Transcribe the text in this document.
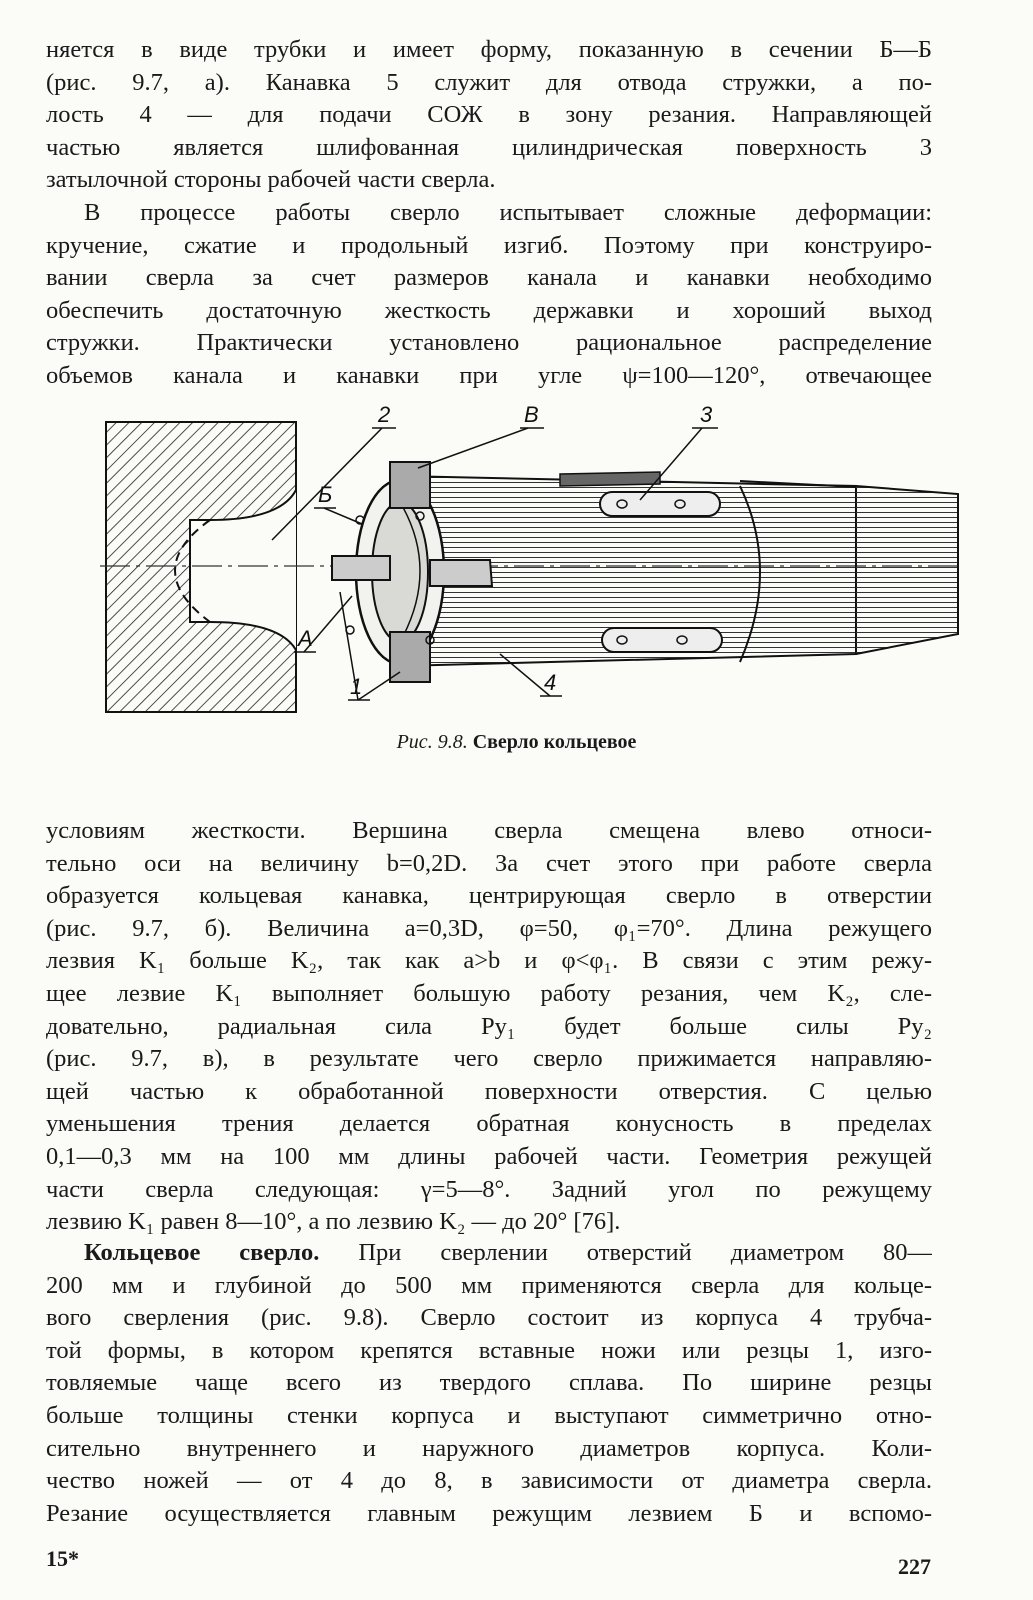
няется в виде трубки и имеет форму, показанную в сечении Б—Б
(рис. 9.7, а). Канавка 5 служит для отвода стружки, а по-
лость 4 — для подачи СОЖ в зону резания. Направляющей
частью является шлифованная цилиндрическая поверхность 3
затылочной стороны рабочей части сверла.
В процессе работы сверло испытывает сложные деформации:
кручение, сжатие и продольный изгиб. Поэтому при конструиро-
вании сверла за счет размеров канала и канавки необходимо
обеспечить достаточную жесткость державки и хороший выход
стружки. Практически установлено рациональное распределение
объемов канала и канавки при угле ψ=100—120°, отвечающее
2	В	3
Б
А
1	4
Рис. 9.8. Сверло кольцевое
условиям жесткости. Вершина сверла смещена влево относи-
тельно оси на величину b=0,2D. За счет этого при работе сверла
образуется кольцевая канавка, центрирующая сверло в отверстии
(рис. 9.7, б). Величина а=0,3D, φ=50, φ₁=70°. Длина режущего
лезвия K₁ больше K₂, так как a>b и φ<φ₁. В связи с этим режу-
щее лезвие K₁ выполняет большую работу резания, чем K₂, сле-
довательно, радиальная сила Pу₁ будет больше силы Pу₂
(рис. 9.7, в), в результате чего сверло прижимается направляю-
щей частью к обработанной поверхности отверстия. С целью
уменьшения трения делается обратная конусность в пределах
0,1—0,3 мм на 100 мм длины рабочей части. Геометрия режущей
части сверла следующая: γ=5—8°. Задний угол по режущему
лезвию K₁ равен 8—10°, а по лезвию K₂ — до 20° [76].
Кольцевое сверло. При сверлении отверстий диаметром 80—
200 мм и глубиной до 500 мм применяются сверла для кольце-
вого сверления (рис. 9.8). Сверло состоит из корпуса 4 трубча-
той формы, в котором крепятся вставные ножи или резцы 1, изго-
товляемые чаще всего из твердого сплава. По ширине резцы
больше толщины стенки корпуса и выступают симметрично отно-
сительно внутреннего и наружного диаметров корпуса. Коли-
чество ножей — от 4 до 8, в зависимости от диаметра сверла.
Резание осуществляется главным режущим лезвием Б и вспомо-
15*	227
